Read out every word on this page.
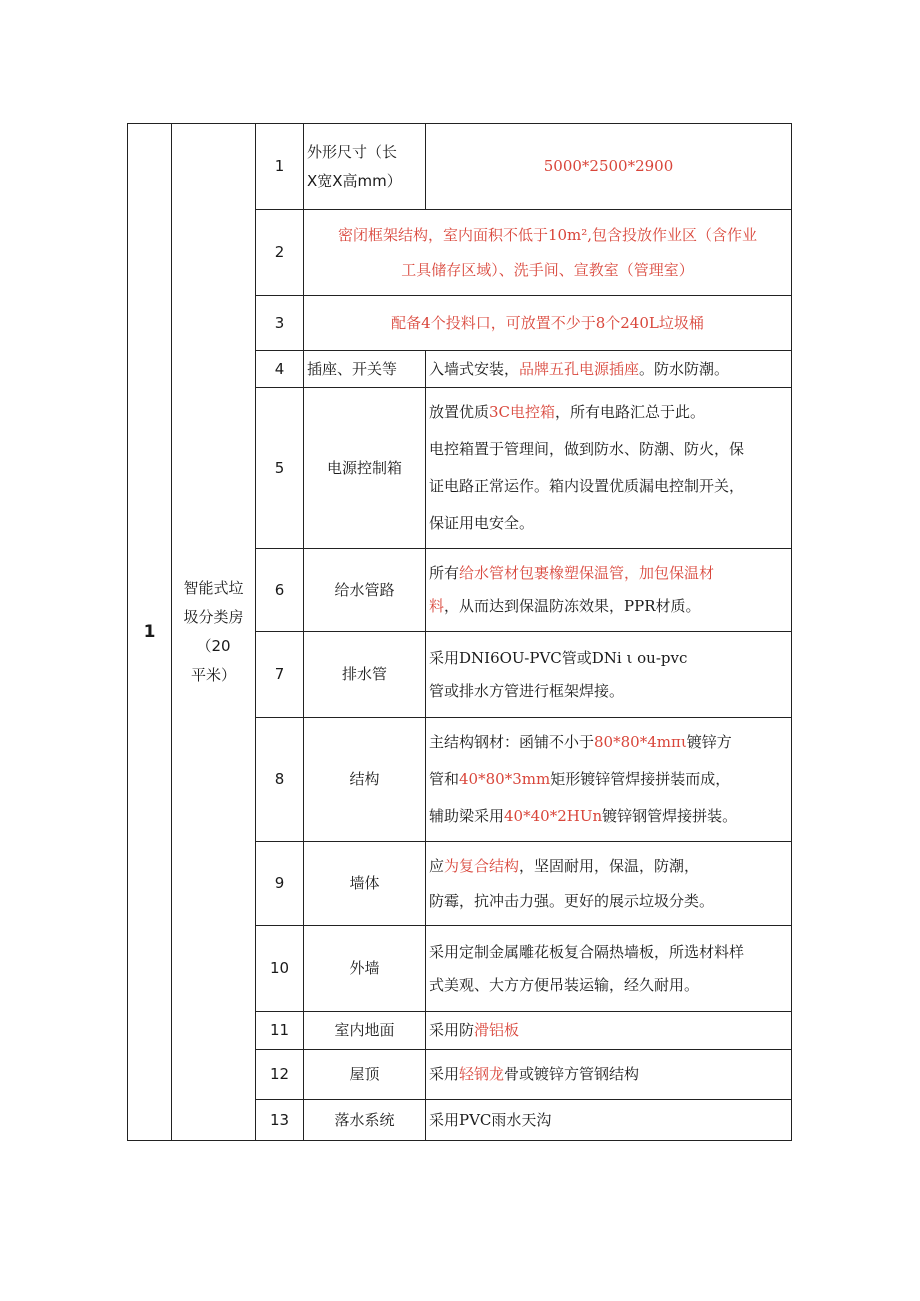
1	智能式垃
圾分类房
（20
平米）	1	外形尺寸（长
X宽X高mm）	5000*2500*2900

		2	密闭框架结构，室内面积不低于10m²,包含投放作业区（含作业
工具储存区域）、洗手间、宣教室（管理室）	

		3	配备4个投料口，可放置不少于8个240L垃圾桶	

		4	插座、开关等	入墙式安装，品牌五孔电源插座。防水防潮。

		5	电源控制箱	放置优质3C电控箱，所有电路汇总于此。
电控箱置于管理间，做到防水、防潮、防火，保
证电路正常运作。箱内设置优质漏电控制开关，
保证用电安全。

		6	给水管路	所有给水管材包裹橡塑保温管，加包保温材
料，从而达到保温防冻效果，PPR材质。

		7	排水管	采用DNI6OU-PVC管或DNi ι ou-pvc
管或排水方管进行框架焊接。

		8	结构	主结构钢材：函铺不小于80*80*4mπι镀锌方
管和40*80*3mm矩形镀锌管焊接拼装而成，
辅助梁采用40*40*2HUn镀锌钢管焊接拼装。

		9	墙体	应为复合结构，坚固耐用，保温，防潮，
防霉，抗冲击力强。更好的展示垃圾分类。

		10	外墙	采用定制金属雕花板复合隔热墙板，所选材料样
式美观、大方方便吊装运输，经久耐用。

		11	室内地面	采用防滑铝板

		12	屋顶	采用轻钢龙骨或镀锌方管钢结构

		13	落水系统	采用PVC雨水天沟
